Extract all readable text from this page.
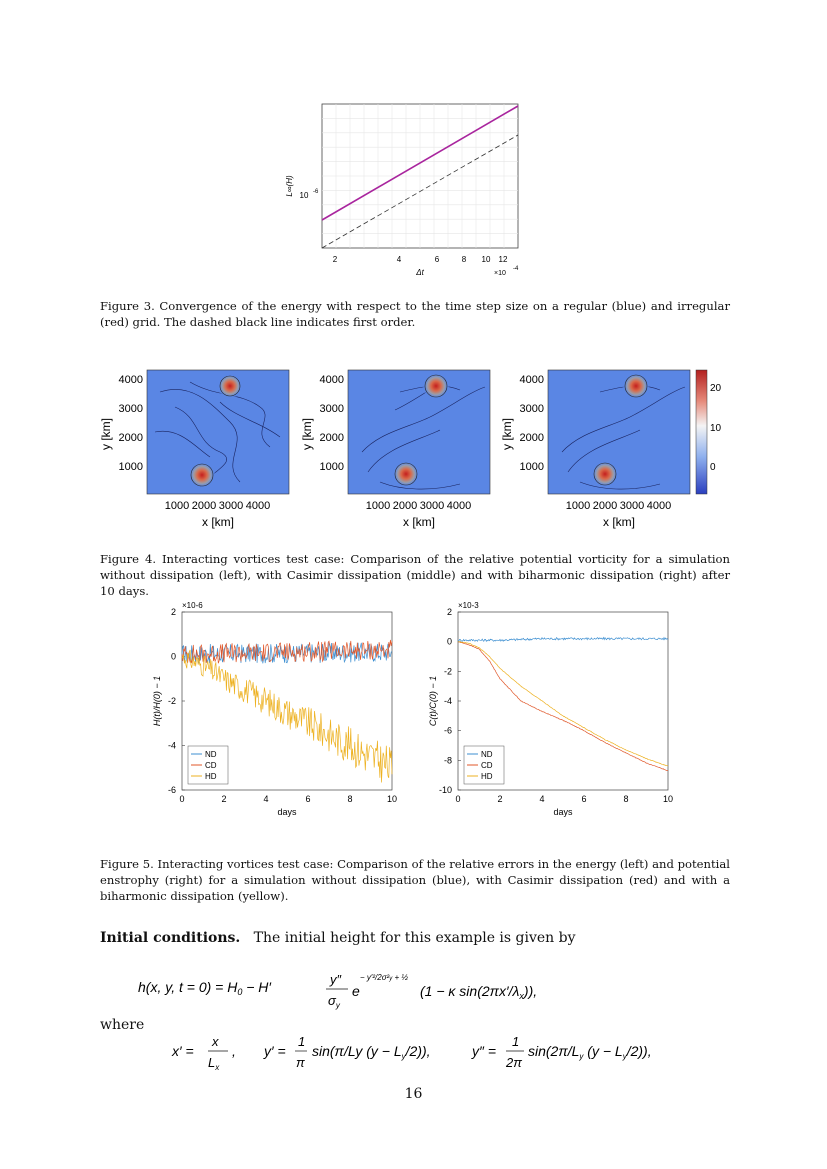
10 -6
L∞(H)
2	4	6	8 10 12
Δt	×10
-4
Figure 3. Convergence of the energy with respect to the time step size on a regular (blue) and irregular (red) grid. The dashed black line indicates first order.
4000
3000
2000
1000
1000 2000 3000 4000
x [km]
y [km]
4000
3000
2000
1000
1000 2000 3000 4000
x [km]
y [km]
4000
3000
2000
1000
1000 2000 3000 4000
x [km]
y [km]
20
10
0
Figure 4. Interacting vortices test case: Comparison of the relative potential vorticity for a simulation without dissipation (left), with Casimir dissipation (middle) and with biharmonic dissipation (right) after 10 days.
2
0
-2
-4
-6
0	2	4	6	8	10
days
H(t)/H(0) − 1
×10-6
ND
CD
HD
2
0
-2
-4
-6
-8
-10
0	2	4	6	8	10
days
C(t)/C(0) − 1
×10-3
ND
CD
HD
Figure 5. Interacting vortices test case: Comparison of the relative errors in the energy (left) and potential enstrophy (right) for a simulation without dissipation (blue), with Casimir dissipation (red) and with a biharmonic dissipation (yellow).
Initial conditions. The initial height for this example is given by
h(x, y, $t = 0) = H_0 - H'$	y″
$\sigma_y$
e
− y′²/2σ²y + ½
(1 − κ $\sin(2\pi x'/\lambda_x)$),
where
x′ =
x
$L_x$
, y′ =
1
π
sin(π/Ly $(y - L_y/2)$),	y″ =
1
2π
$\sin(2\pi/L_y$ $(y - L_y/2)$),
16
